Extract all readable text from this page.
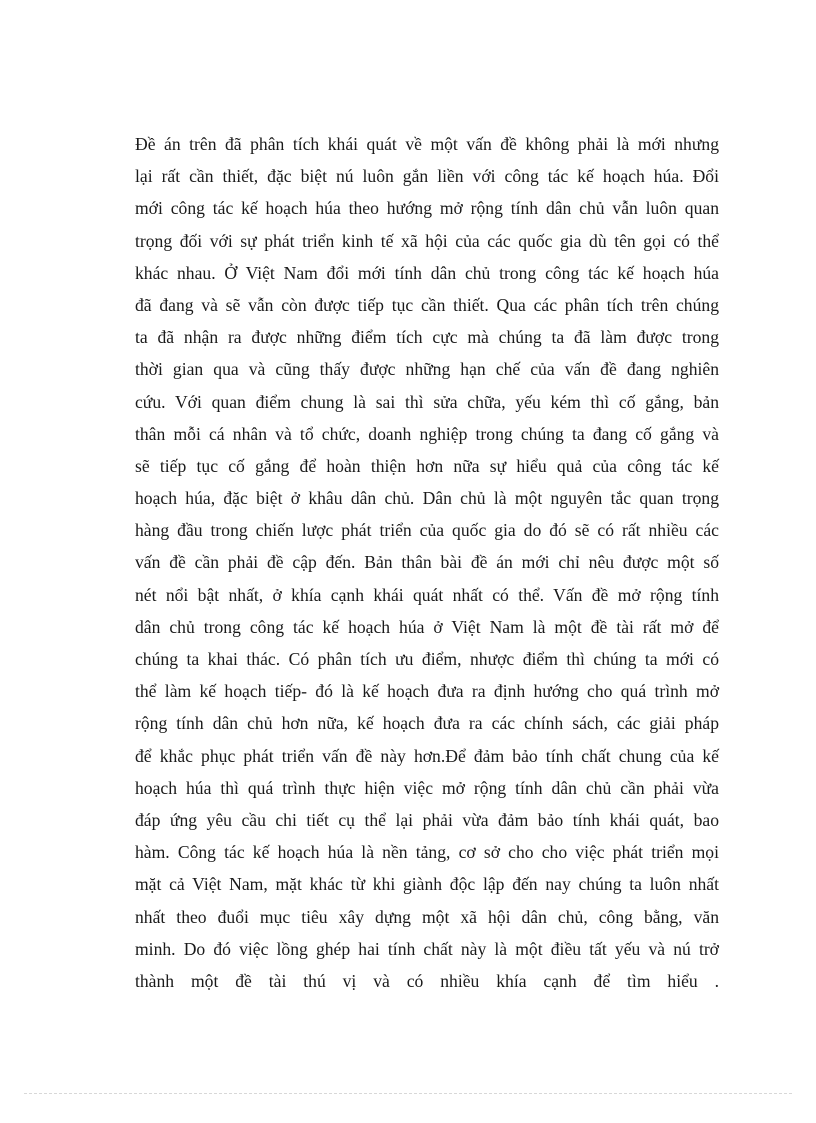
Đề án trên đã phân tích khái quát về một vấn đề không phải là mới nhưng
lại rất cần thiết, đặc biệt nú luôn gắn liền với công tác kế hoạch húa. Đổi
mới công tác kế hoạch húa theo hướng mở rộng tính dân chủ vẫn luôn quan
trọng đối với sự phát triển kinh tế xã hội của các quốc gia dù tên gọi có thể
khác nhau. Ở Việt Nam đổi mới tính dân chủ trong công tác kế hoạch húa
đã đang và sẽ vẫn còn được tiếp tục cần thiết. Qua các phân tích trên chúng
ta đã nhận ra được những điểm tích cực mà chúng ta đã làm được trong
thời gian qua và cũng thấy được những hạn chế của vấn đề đang nghiên
cứu. Với quan điểm chung là sai thì sửa chữa, yếu kém thì cố gắng, bản
thân mỗi cá nhân và tổ chức, doanh nghiệp trong chúng ta đang cố gắng và
sẽ tiếp tục cố gắng để hoàn thiện hơn nữa sự hiểu quả của công tác kế
hoạch húa, đặc biệt ở khâu dân chủ. Dân chủ là một nguyên tắc quan trọng
hàng đầu trong chiến lược phát triển của quốc gia do đó sẽ có rất nhiều các
vấn đề cần phải đề cập đến. Bản thân bài đề án mới chỉ nêu được một số
nét nổi bật nhất, ở khía cạnh khái quát nhất có thể. Vấn đề mở rộng tính
dân chủ trong công tác kế hoạch húa ở Việt Nam là một đề tài rất mở để
chúng ta khai thác. Có phân tích ưu điểm, nhược điểm thì chúng ta mới có
thể làm kế hoạch tiếp- đó là kế hoạch đưa ra định hướng cho quá trình mở
rộng tính dân chủ hơn nữa, kế hoạch đưa ra các chính sách, các giải pháp
để khắc phục phát triển vấn đề này hơn.Để đảm bảo tính chất chung của kế
hoạch húa thì quá trình thực hiện việc mở rộng tính dân chủ cần phải vừa
đáp ứng yêu cầu chi tiết cụ thể lại phải vừa đảm bảo tính khái quát, bao
hàm. Công tác kế hoạch húa là nền tảng, cơ sở cho cho việc phát triển mọi
mặt cả Việt Nam, mặt khác từ khi giành độc lập đến nay chúng ta luôn nhất
nhất theo đuổi mục tiêu xây dựng một xã hội dân chủ, công bằng, văn
minh. Do đó việc lồng ghép hai tính chất này là một điều tất yếu và nú trở
thành một đề tài thú vị và có nhiều khía cạnh để tìm hiểu .
